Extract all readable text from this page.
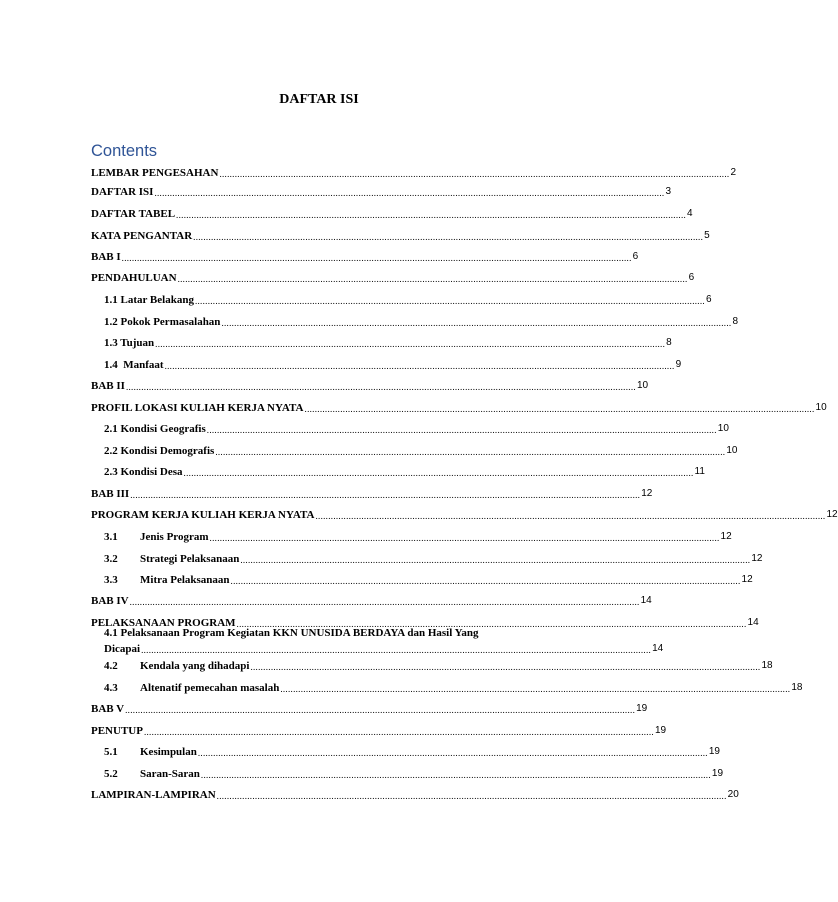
DAFTAR ISI
Contents
LEMBAR PENGESAHAN ........................................................................................................................................................................................................ 2
DAFTAR ISI ........................................................................................................................................................................................................ 3
DAFTAR TABEL ........................................................................................................................................................................................................ 4
KATA PENGANTAR ........................................................................................................................................................................................................ 5
BAB I ........................................................................................................................................................................................................ 6
PENDAHULUAN ........................................................................................................................................................................................................ 6
1.1 Latar Belakang ........................................................................................................................................................................................................ 6
1.2 Pokok Permasalahan ........................................................................................................................................................................................................ 8
1.3 Tujuan ........................................................................................................................................................................................................ 8
1.4  Manfaat ........................................................................................................................................................................................................ 9
BAB II ........................................................................................................................................................................................................ 10
PROFIL LOKASI KULIAH KERJA NYATA ........................................................................................................................................................................................................ 10
2.1 Kondisi Geografis ........................................................................................................................................................................................................ 10
2.2 Kondisi Demografis ........................................................................................................................................................................................................ 10
2.3 Kondisi Desa ........................................................................................................................................................................................................ 11
BAB III ........................................................................................................................................................................................................ 12
PROGRAM KERJA KULIAH KERJA NYATA ........................................................................................................................................................................................................ 12
3.1 Jenis Program ........................................................................................................................................................................................................ 12
3.2 Strategi Pelaksanaan ........................................................................................................................................................................................................ 12
3.3 Mitra Pelaksanaan ........................................................................................................................................................................................................ 12
BAB IV ........................................................................................................................................................................................................ 14
PELAKSANAAN PROGRAM ........................................................................................................................................................................................................ 14
4.1 Pelaksanaan Program Kegiatan KKN UNUSIDA BERDAYA dan Hasil Yang
Dicapai ........................................................................................................................................................................................................ 14
4.2 Kendala yang dihadapi ........................................................................................................................................................................................................ 18
4.3 Altenatif pemecahan masalah ........................................................................................................................................................................................................ 18
BAB V ........................................................................................................................................................................................................ 19
PENUTUP ........................................................................................................................................................................................................ 19
5.1 Kesimpulan ........................................................................................................................................................................................................ 19
5.2 Saran-Saran ........................................................................................................................................................................................................ 19
LAMPIRAN-LAMPIRAN ........................................................................................................................................................................................................ 20
